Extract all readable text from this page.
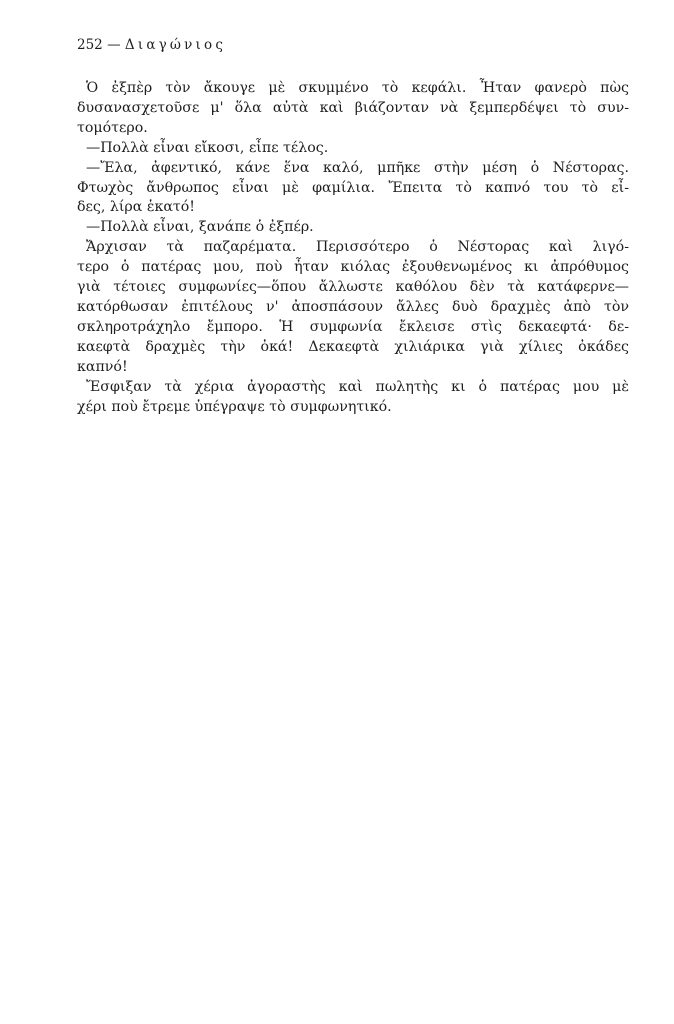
252 — Διαγώνιος
Ὁ ἐξπὲρ τὸν ἄκουγε μὲ σκυμμένο τὸ κεφάλι. Ἦταν φανερὸ πὼς
δυσανασχετοῦσε μ' ὅλα αὐτὰ καὶ βιάζονταν νὰ ξεμπερδέψει τὸ συν-
τομότερο.
—Πολλὰ εἶναι εἴκοσι, εἶπε τέλος.
—Ἔλα, ἀφεντικό, κάνε ἕνα καλό, μπῆκε στὴν μέση ὁ Νέστορας.
Φτωχὸς ἄνθρωπος εἶναι μὲ φαμίλια. Ἔπειτα τὸ καπνό του τὸ εἶ-
δες, λίρα ἑκατό!
—Πολλὰ εἶναι, ξανάπε ὁ ἐξπέρ.
Ἄρχισαν τὰ παζαρέματα. Περισσότερο ὁ Νέστορας καὶ λιγό-
τερο ὁ πατέρας μου, ποὺ ἦταν κιόλας ἐξουθενωμένος κι ἀπρόθυμος
γιὰ τέτοιες συμφωνίες—ὅπου ἄλλωστε καθόλου δὲν τὰ κατάφερνε—
κατόρθωσαν ἐπιτέλους ν' ἀποσπάσουν ἄλλες δυὸ δραχμὲς ἀπὸ τὸν
σκληροτράχηλο ἔμπορο. Ἡ συμφωνία ἔκλεισε στὶς δεκαεφτά· δε-
καεφτὰ δραχμὲς τὴν ὀκά! Δεκαεφτὰ χιλιάρικα γιὰ χίλιες ὀκάδες
καπνό!
Ἔσφιξαν τὰ χέρια ἀγοραστὴς καὶ πωλητὴς κι ὁ πατέρας μου μὲ
χέρι ποὺ ἔτρεμε ὑπέγραψε τὸ συμφωνητικό.
